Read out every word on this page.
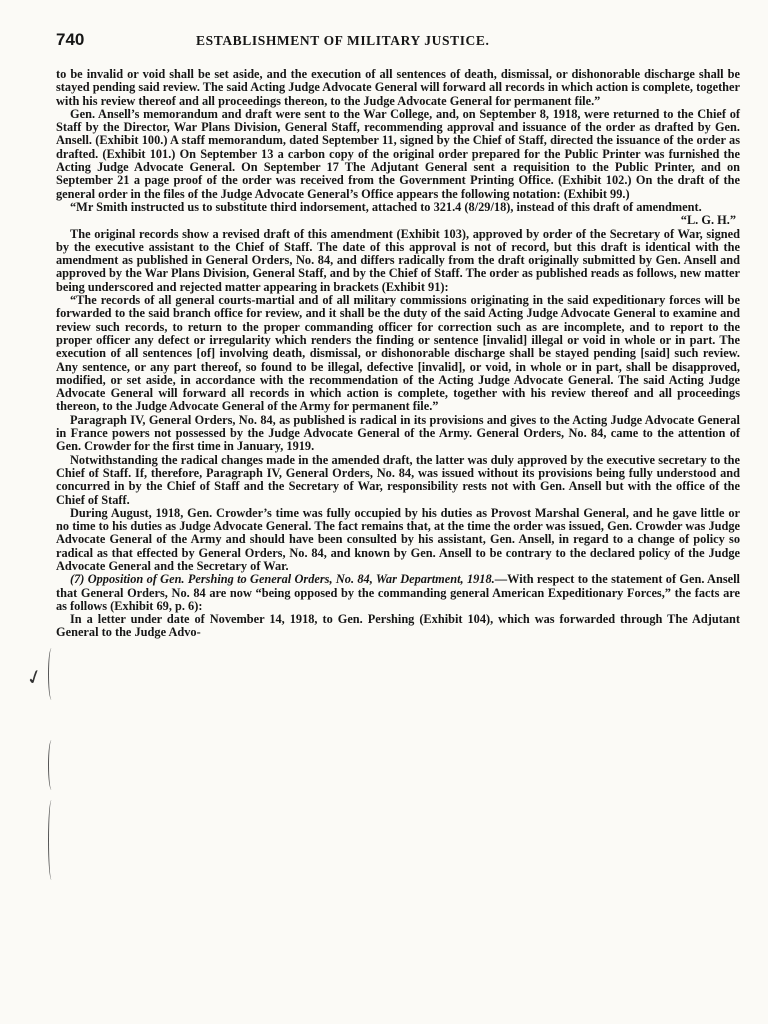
740	ESTABLISHMENT OF MILITARY JUSTICE.

to be invalid or void shall be set aside, and the execution of all sentences of death, dismissal, or dishonorable discharge shall be stayed pending said review. The said Acting Judge Advocate General will forward all records in which action is complete, together with his review thereof and all proceedings thereon, to the Judge Advocate General for permanent file.”

Gen. Ansell’s memorandum and draft were sent to the War College, and, on September 8, 1918, were returned to the Chief of Staff by the Director, War Plans Division, General Staff, recommending approval and issuance of the order as drafted by Gen. Ansell. (Exhibit 100.) A staff memorandum, dated September 11, signed by the Chief of Staff, directed the issuance of the order as drafted. (Exhibit 101.) On September 13 a carbon copy of the original order prepared for the Public Printer was furnished the Acting Judge Advocate General. On September 17 The Adjutant General sent a requisition to the Public Printer, and on September 21 a page proof of the order was received from the Government Printing Office. (Exhibit 102.) On the draft of the general order in the files of the Judge Advocate General’s Office appears the following notation: (Exhibit 99.)

“Mr Smith instructed us to substitute third indorsement, attached to 321.4 (8/29/18), instead of this draft of amendment.

“L. G. H.”

The original records show a revised draft of this amendment (Exhibit 103), approved by order of the Secretary of War, signed by the executive assistant to the Chief of Staff. The date of this approval is not of record, but this draft is identical with the amendment as published in General Orders, No. 84, and differs radically from the draft originally submitted by Gen. Ansell and approved by the War Plans Division, General Staff, and by the Chief of Staff. The order as published reads as follows, new matter being underscored and rejected matter appearing in brackets (Exhibit 91):

“The records of all general courts-martial and of all military commissions originating in the said expeditionary forces will be forwarded to the said branch office for review, and it shall be the duty of the said Acting Judge Advocate General to examine and review such records, to return to the proper commanding officer for correction such as are incomplete, and to report to the proper officer any defect or irregularity which renders the finding or sentence [invalid] illegal or void in whole or in part. The execution of all sentences [of] involving death, dismissal, or dishonorable discharge shall be stayed pending [said] such review. Any sentence, or any part thereof, so found to be illegal, defective [invalid], or void, in whole or in part, shall be disapproved, modified, or set aside, in accordance with the recommendation of the Acting Judge Advocate General. The said Acting Judge Advocate General will forward all records in which action is complete, together with his review thereof and all proceedings thereon, to the Judge Advocate General of the Army for permanent file.”

Paragraph IV, General Orders, No. 84, as published is radical in its provisions and gives to the Acting Judge Advocate General in France powers not possessed by the Judge Advocate General of the Army. General Orders, No. 84, came to the attention of Gen. Crowder for the first time in January, 1919.

Notwithstanding the radical changes made in the amended draft, the latter was duly approved by the executive secretary to the Chief of Staff. If, therefore, Paragraph IV, General Orders, No. 84, was issued without its provisions being fully understood and concurred in by the Chief of Staff and the Secretary of War, responsibility rests not with Gen. Ansell but with the office of the Chief of Staff.

During August, 1918, Gen. Crowder’s time was fully occupied by his duties as Provost Marshal General, and he gave little or no time to his duties as Judge Advocate General. The fact remains that, at the time the order was issued, Gen. Crowder was Judge Advocate General of the Army and should have been consulted by his assistant, Gen. Ansell, in regard to a change of policy so radical as that effected by General Orders, No. 84, and known by Gen. Ansell to be contrary to the declared policy of the Judge Advocate General and the Secretary of War.

(7) Opposition of Gen. Pershing to General Orders, No. 84, War Department, 1918.—With respect to the statement of Gen. Ansell that General Orders, No. 84 are now “being opposed by the commanding general American Expeditionary Forces,” the facts are as follows (Exhibit 69, p. 6):

In a letter under date of November 14, 1918, to Gen. Pershing (Exhibit 104), which was forwarded through The Adjutant General to the Judge Advo-

✓
